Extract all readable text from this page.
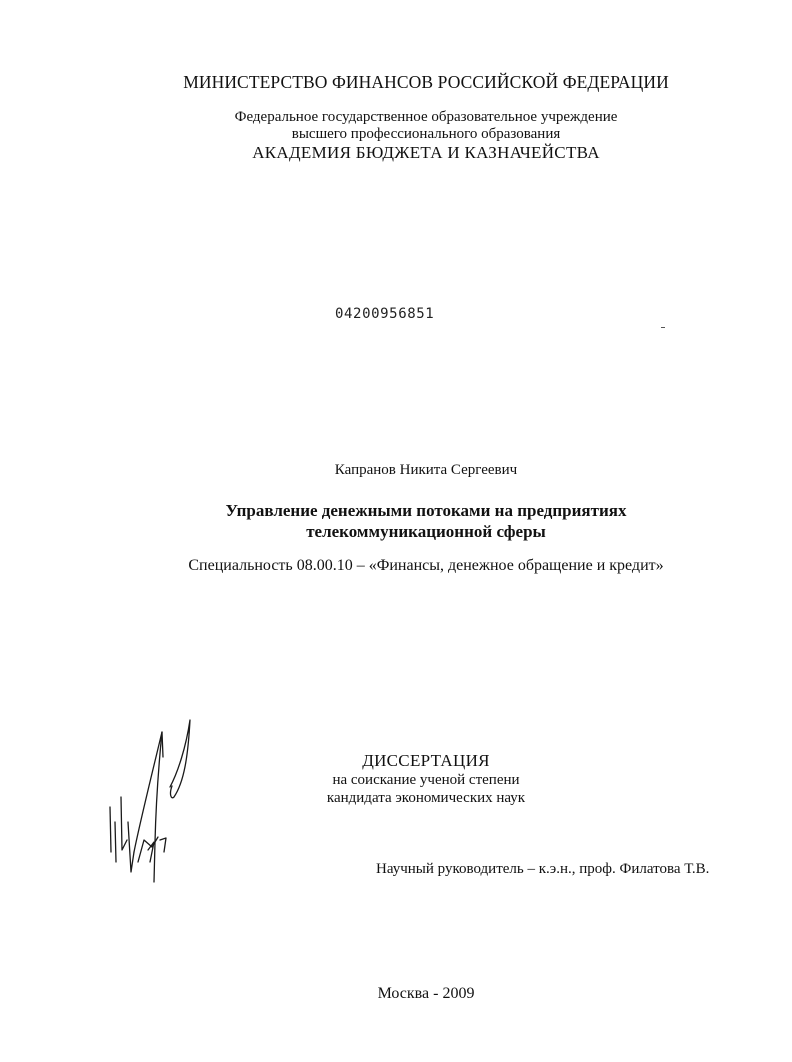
МИНИСТЕРСТВО ФИНАНСОВ РОССИЙСКОЙ ФЕДЕРАЦИИ
Федеральное государственное образовательное учреждение
высшего профессионального образования
АКАДЕМИЯ БЮДЖЕТА И КАЗНАЧЕЙСТВА
04200956851
Капранов Никита Сергеевич
Управление денежными потоками на предприятиях
телекоммуникационной сферы
Специальность 08.00.10 – «Финансы, денежное обращение и кредит»
ДИССЕРТАЦИЯ
на соискание ученой степени
кандидата экономических наук
Научный руководитель – к.э.н., проф. Филатова Т.В.
Москва - 2009
